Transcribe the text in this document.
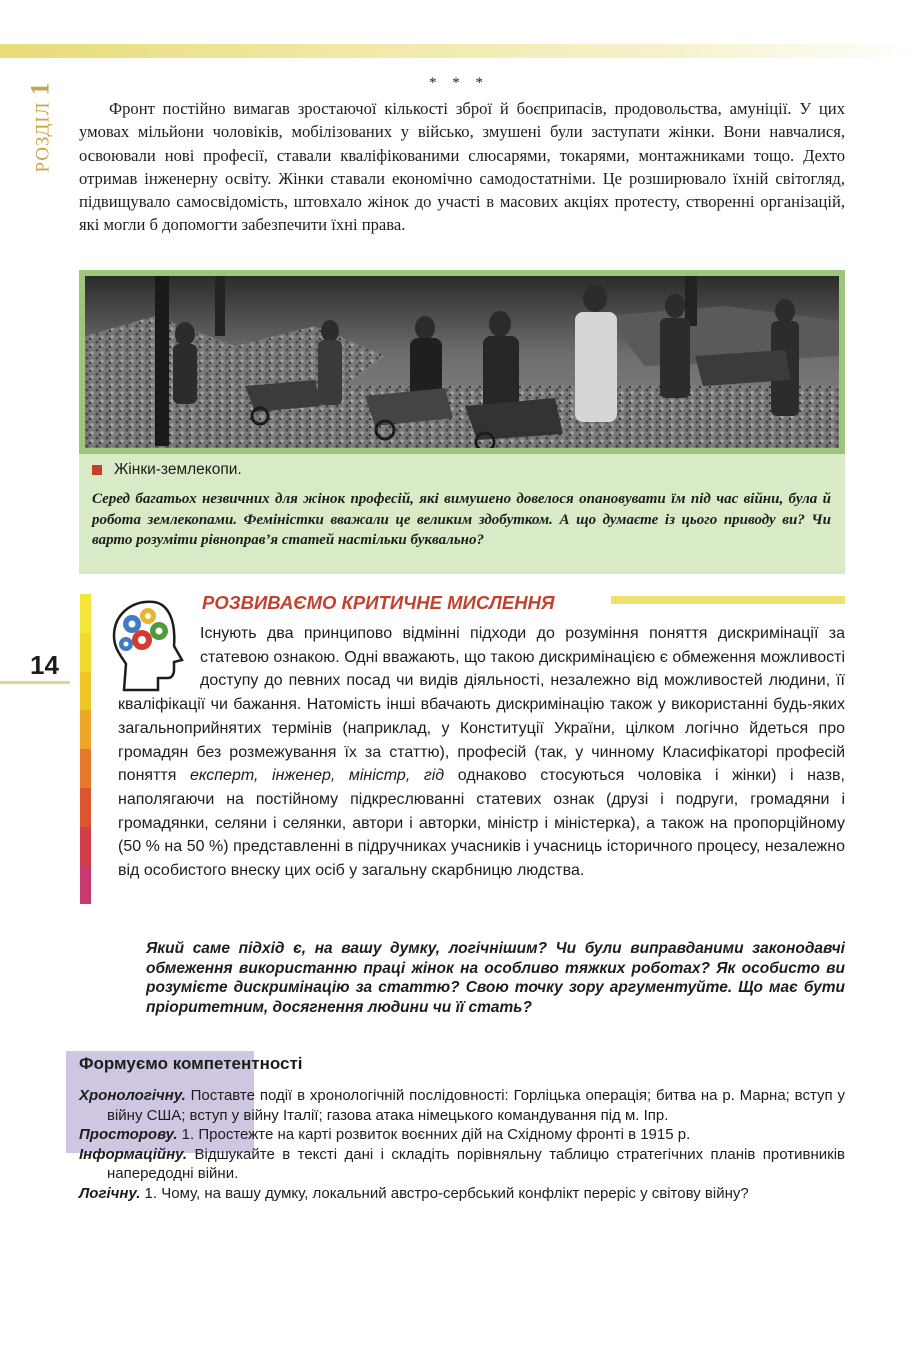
РОЗДІЛ1
14
* * *

Фронт постійно вимагав зростаючої кількості зброї й боєприпасів, продовольства, амуніції. У цих умовах мільйони чоловіків, мобілізованих у військо, змушені були заступати жінки. Вони навчалися, освоювали нові професії, ставали кваліфікованими слюсарями, токарями, монтажниками тощо. Дехто отримав інженерну освіту. Жінки ставали економічно самодостатніми. Це розширювало їхній світогляд, підвищувало самосвідомість, штовхало жінок до участі в масових акціях протесту, створенні організацій, які могли б допомогти забезпечити їхні права.

Жінки-землекопи.
Серед багатьох незвичних для жінок професій, які вимушено довелося опановувати їм під час війни, була й робота землекопами. Феміністки вважали це великим здобутком. А що думаєте із цього приводу ви? Чи варто розуміти рівноправ’я статей настільки буквально?
РОЗВИВАЄМО КРИТИЧНЕ МИСЛЕННЯ

Існують два принципово відмінні підходи до розуміння поняття дискримінації за статевою ознакою. Одні вважають, що такою дискримінацією є обмеження можливості доступу до певних посад чи видів діяльності, незалежно від можливостей людини, її кваліфікації чи бажання. Натомість інші вбачають дискримінацію також у використанні будь-яких загальноприйнятих термінів (наприклад, у Конституції України, цілком логічно йдеться про громадян без розмежування їх за статтю), професій (так, у чинному Класифікаторі професій поняття експерт, інженер, міністр, гід однаково стосуються чоловіка і жінки) і назв, наполягаючи на постійному підкреслюванні статевих ознак (друзі і подруги, громадяни і громадянки, селяни і селянки, автори і авторки, міністр і міністерка), а також на пропорційному (50 % на 50 %) представленні в підручниках учасників і учасниць історичного процесу, незалежно від особистого внеску цих осіб у загальну скарбницю людства.

Який саме підхід є, на вашу думку, логічнішим? Чи були виправданими законодавчі обмеження використанню праці жінок на особливо тяжких роботах? Як особисто ви розумієте дискримінацію за статтю? Свою точку зору аргументуйте. Що має бути пріоритетним, досягнення людини чи її стать?

Формуємо компетентності

Хронологічну. Поставте події в хронологічній послідовності: Горліцька операція; битва на р. Марна; вступ у війну США; вступ у війну Італії; газова атака німецького командування під м. Іпр.

Просторову. 1. Простежте на карті розвиток воєнних дій на Східному фронті в 1915 р.

Інформаційну. Відшукайте в тексті дані і складіть порівняльну таблицю стратегічних планів противників напередодні війни.

Логічну. 1. Чому, на вашу думку, локальний австро-сербський конфлікт переріс у світову війну?
